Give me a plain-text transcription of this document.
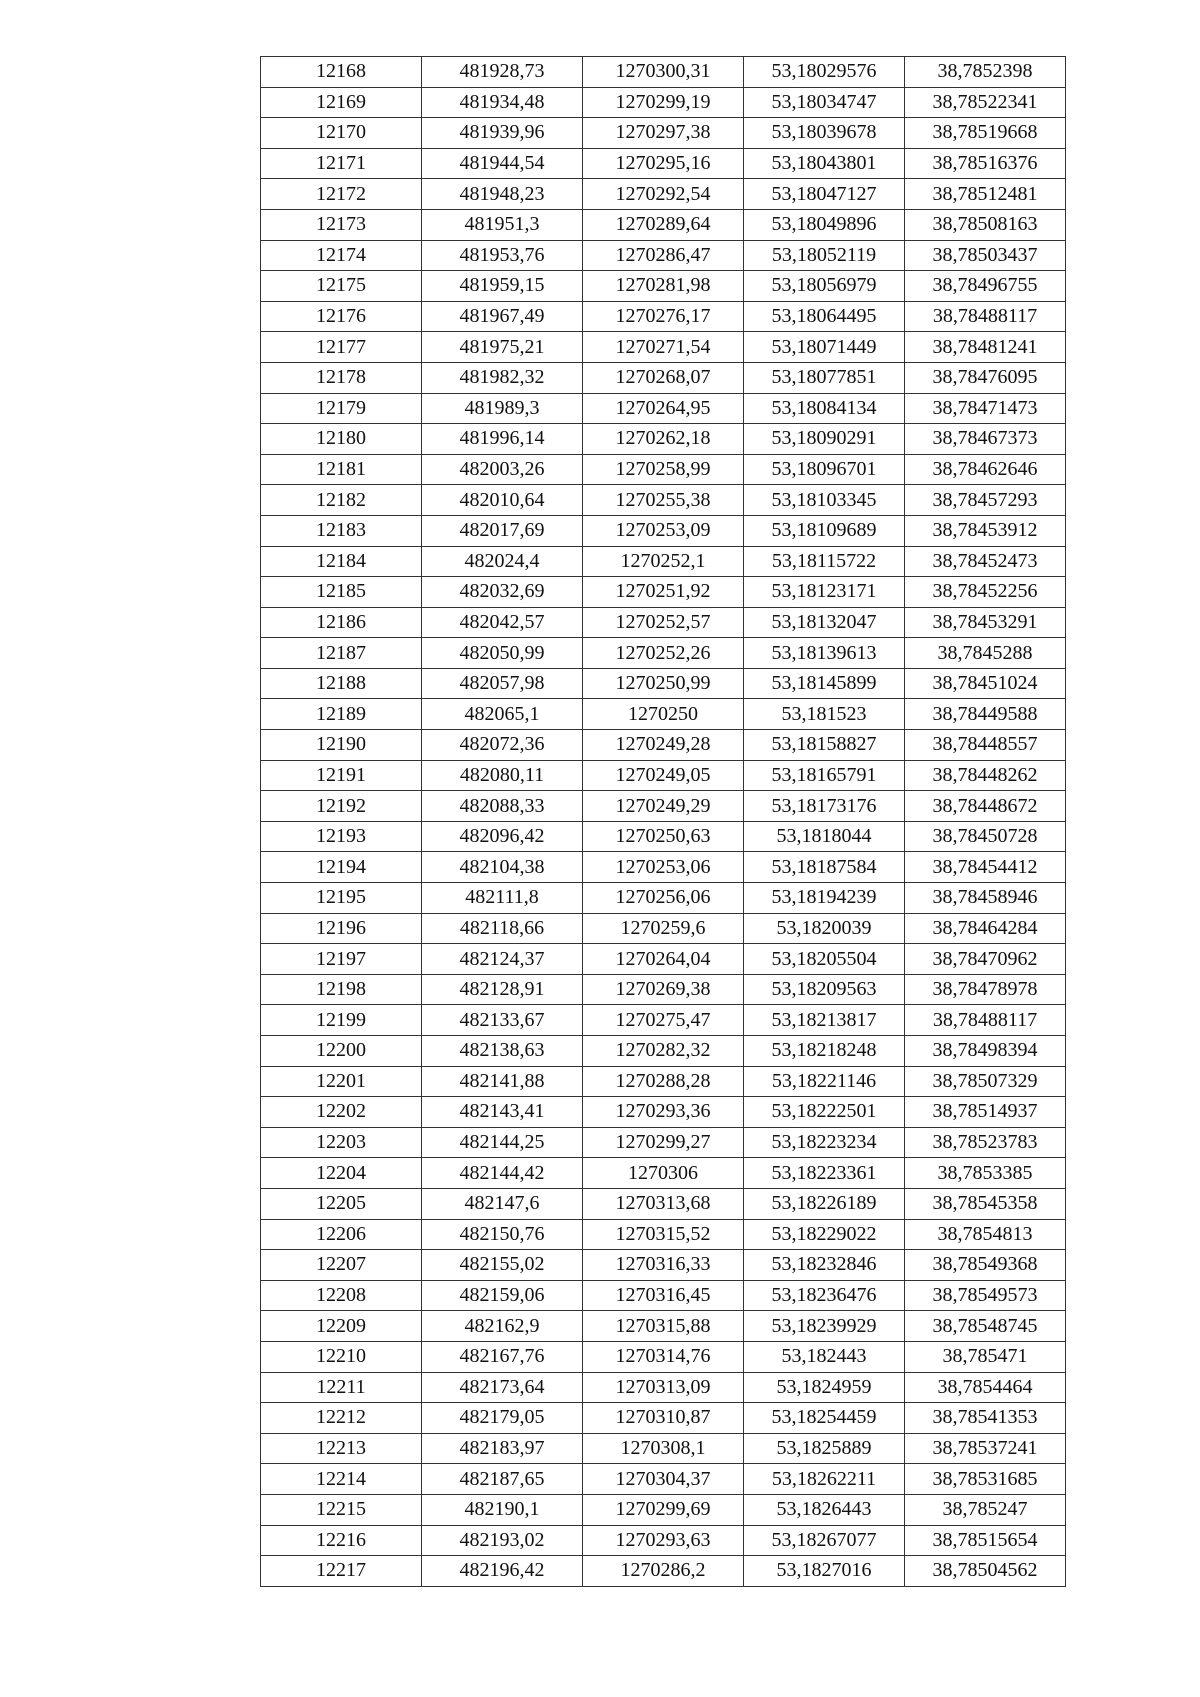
12168	481928,73	1270300,31	53,18029576	38,7852398
12169	481934,48	1270299,19	53,18034747	38,78522341
12170	481939,96	1270297,38	53,18039678	38,78519668
12171	481944,54	1270295,16	53,18043801	38,78516376
12172	481948,23	1270292,54	53,18047127	38,78512481
12173	481951,3	1270289,64	53,18049896	38,78508163
12174	481953,76	1270286,47	53,18052119	38,78503437
12175	481959,15	1270281,98	53,18056979	38,78496755
12176	481967,49	1270276,17	53,18064495	38,78488117
12177	481975,21	1270271,54	53,18071449	38,78481241
12178	481982,32	1270268,07	53,18077851	38,78476095
12179	481989,3	1270264,95	53,18084134	38,78471473
12180	481996,14	1270262,18	53,18090291	38,78467373
12181	482003,26	1270258,99	53,18096701	38,78462646
12182	482010,64	1270255,38	53,18103345	38,78457293
12183	482017,69	1270253,09	53,18109689	38,78453912
12184	482024,4	1270252,1	53,18115722	38,78452473
12185	482032,69	1270251,92	53,18123171	38,78452256
12186	482042,57	1270252,57	53,18132047	38,78453291
12187	482050,99	1270252,26	53,18139613	38,7845288
12188	482057,98	1270250,99	53,18145899	38,78451024
12189	482065,1	1270250	53,181523	38,78449588
12190	482072,36	1270249,28	53,18158827	38,78448557
12191	482080,11	1270249,05	53,18165791	38,78448262
12192	482088,33	1270249,29	53,18173176	38,78448672
12193	482096,42	1270250,63	53,1818044	38,78450728
12194	482104,38	1270253,06	53,18187584	38,78454412
12195	482111,8	1270256,06	53,18194239	38,78458946
12196	482118,66	1270259,6	53,1820039	38,78464284
12197	482124,37	1270264,04	53,18205504	38,78470962
12198	482128,91	1270269,38	53,18209563	38,78478978
12199	482133,67	1270275,47	53,18213817	38,78488117
12200	482138,63	1270282,32	53,18218248	38,78498394
12201	482141,88	1270288,28	53,18221146	38,78507329
12202	482143,41	1270293,36	53,18222501	38,78514937
12203	482144,25	1270299,27	53,18223234	38,78523783
12204	482144,42	1270306	53,18223361	38,7853385
12205	482147,6	1270313,68	53,18226189	38,78545358
12206	482150,76	1270315,52	53,18229022	38,7854813
12207	482155,02	1270316,33	53,18232846	38,78549368
12208	482159,06	1270316,45	53,18236476	38,78549573
12209	482162,9	1270315,88	53,18239929	38,78548745
12210	482167,76	1270314,76	53,182443	38,785471
12211	482173,64	1270313,09	53,1824959	38,7854464
12212	482179,05	1270310,87	53,18254459	38,78541353
12213	482183,97	1270308,1	53,1825889	38,78537241
12214	482187,65	1270304,37	53,18262211	38,78531685
12215	482190,1	1270299,69	53,1826443	38,785247
12216	482193,02	1270293,63	53,18267077	38,78515654
12217	482196,42	1270286,2	53,1827016	38,78504562
